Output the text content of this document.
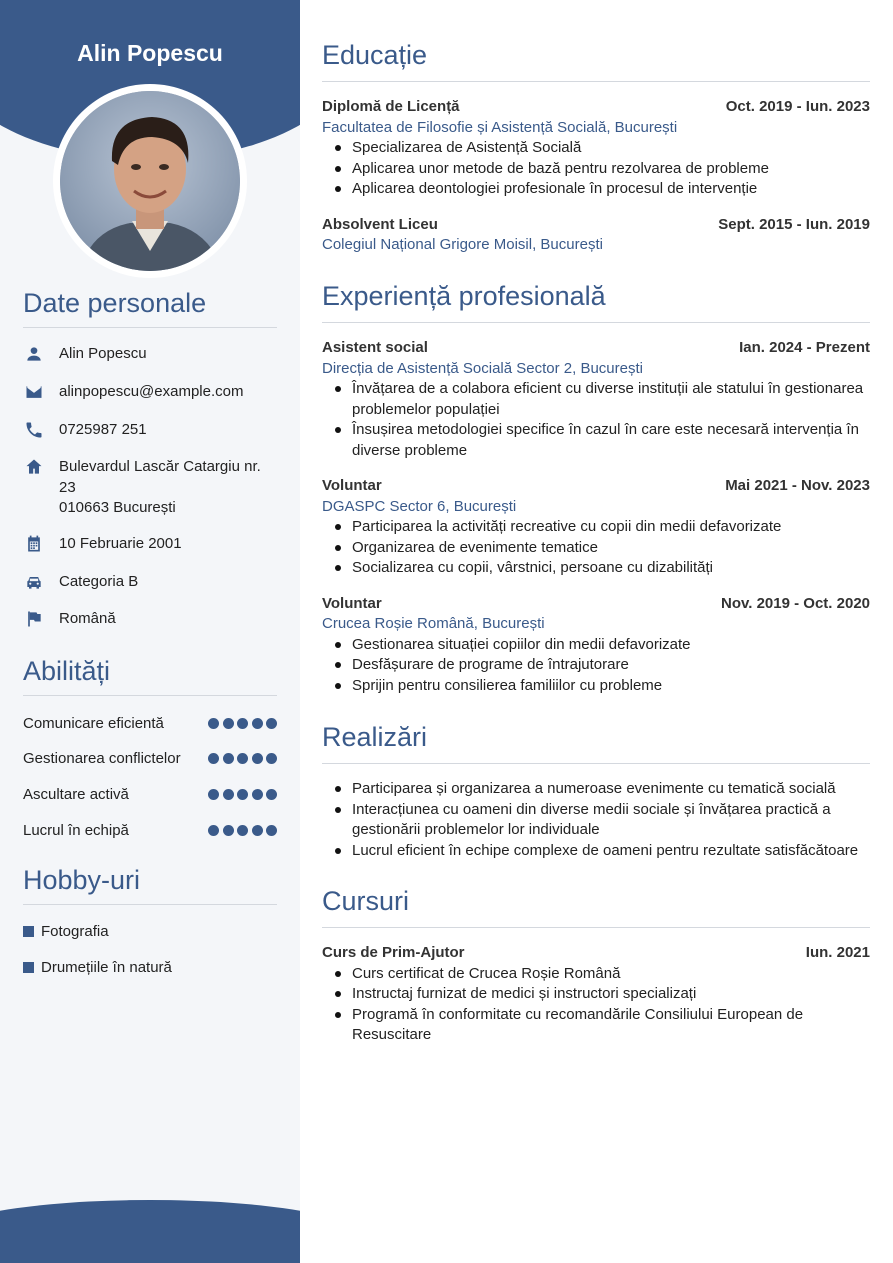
Alin Popescu
Date personale
Alin Popescu
alinpopescu@example.com
0725987 251
Bulevardul Lascăr Catargiu nr.
23
010663 București
10 Februarie 2001
Categoria B
Română
Abilități
Comunicare eficientă
Gestionarea conflictelor
Ascultare activă
Lucrul în echipă
Hobby-uri
Fotografia
Drumețiile în natură
Educație
Diplomă de Licență	Oct. 2019 - Iun. 2023
Facultatea de Filosofie și Asistență Socială, București
Specializarea de Asistență Socială
Aplicarea unor metode de bază pentru rezolvarea de probleme
Aplicarea deontologiei profesionale în procesul de intervenție
Absolvent Liceu	Sept. 2015 - Iun. 2019
Colegiul Național Grigore Moisil, București
Experiență profesională
Asistent social	Ian. 2024 - Prezent
Direcția de Asistență Socială Sector 2, București
Învățarea de a colabora eficient cu diverse instituții ale statului în gestionarea problemelor populației
Însușirea metodologiei specifice în cazul în care este necesară intervenția în diverse probleme
Voluntar	Mai 2021 - Nov. 2023
DGASPC Sector 6, București
Participarea la activități recreative cu copii din medii defavorizate
Organizarea de evenimente tematice
Socializarea cu copii, vârstnici, persoane cu dizabilități
Voluntar	Nov. 2019 - Oct. 2020
Crucea Roșie Română, București
Gestionarea situației copiilor din medii defavorizate
Desfășurare de programe de întrajutorare
Sprijin pentru consilierea familiilor cu probleme
Realizări
Participarea și organizarea a numeroase evenimente cu tematică socială
Interacțiunea cu oameni din diverse medii sociale și învățarea practică a gestionării problemelor lor individuale
Lucrul eficient în echipe complexe de oameni pentru rezultate satisfăcătoare
Cursuri
Curs de Prim-Ajutor	Iun. 2021
Curs certificat de Crucea Roșie Română
Instructaj furnizat de medici și instructori specializați
Programă în conformitate cu recomandările Consiliului European de Resuscitare
